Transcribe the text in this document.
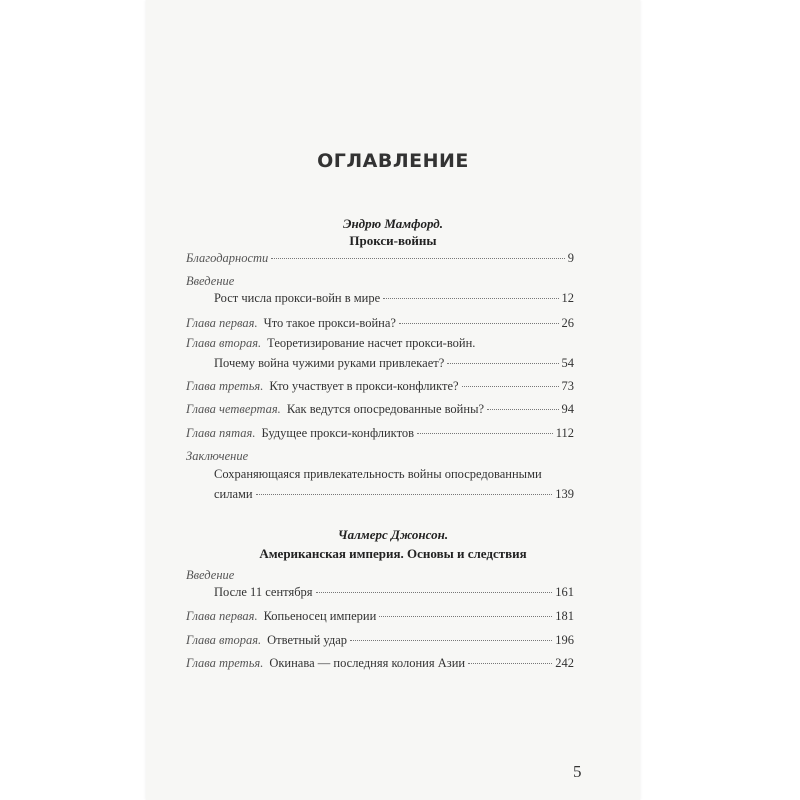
ОГЛАВЛЕНИЕ
Эндрю Мамфорд.
Прокси-войны
Благодарности	9
Введение
Рост числа прокси-войн в мире	12
Глава первая. Что такое прокси-война?	26
Глава вторая. Теоретизирование насчет прокси-войн.
Почему война чужими руками привлекает?	54
Глава третья. Кто участвует в прокси-конфликте?	73
Глава четвертая. Как ведутся опосредованные войны?	94
Глава пятая. Будущее прокси-конфликтов	112
Заключение
Сохраняющаяся привлекательность войны опосредованными
силами	139
Чалмерс Джонсон.
Американская империя. Основы и следствия
Введение
После 11 сентября	161
Глава первая. Копьеносец империи	181
Глава вторая. Ответный удар	196
Глава третья. Окинава — последняя колония Азии	242
5
